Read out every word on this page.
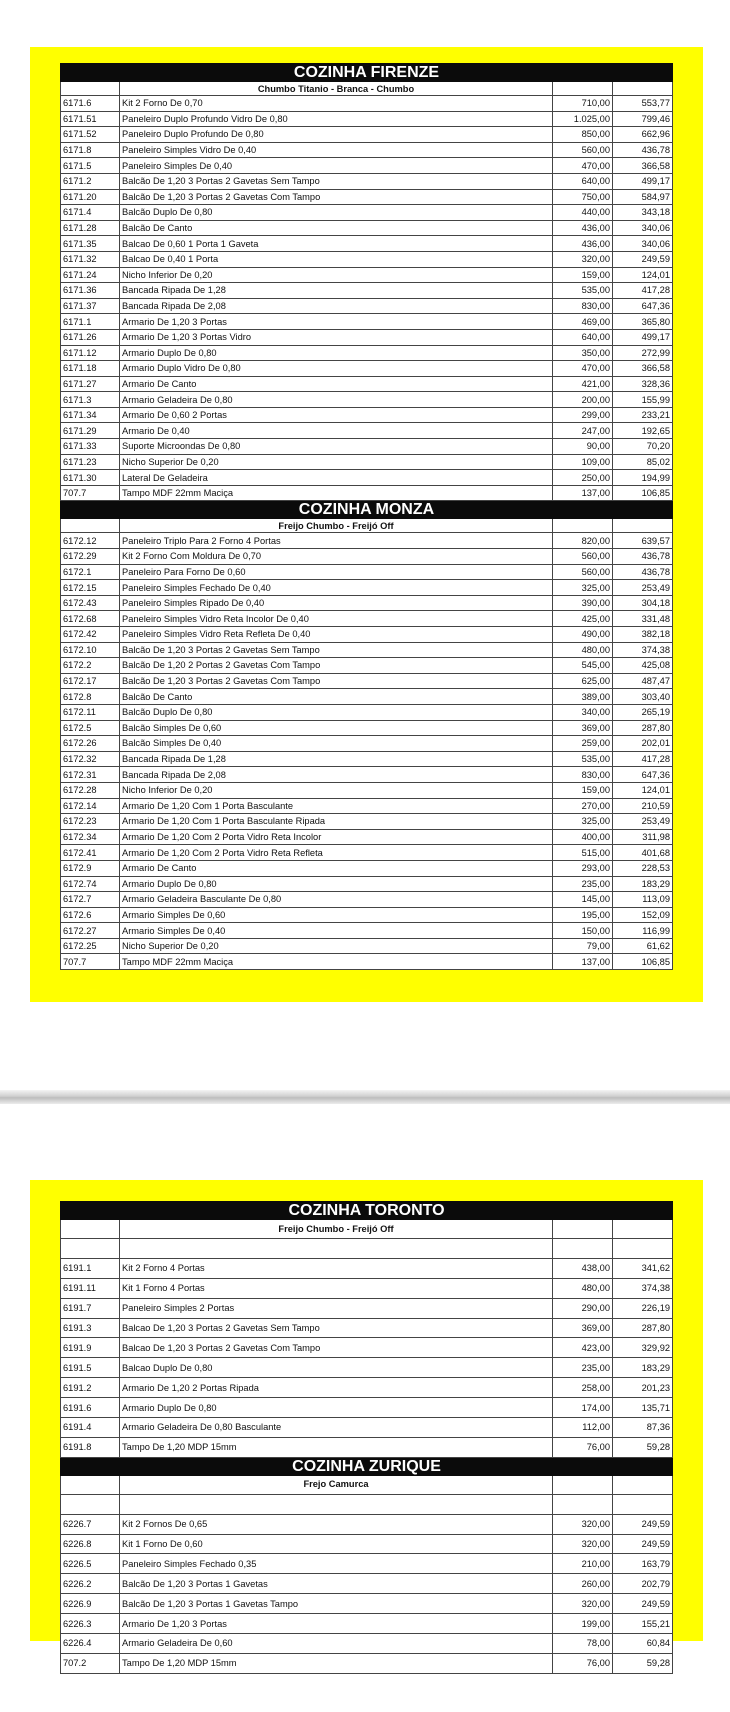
COZINHA FIRENZE			
	Chumbo Titanio - Branca - Chumbo		
6171.6	Kit 2 Forno De 0,70	710,00	553,77
6171.51	Paneleiro Duplo Profundo Vidro De 0,80	1.025,00	799,46
6171.52	Paneleiro Duplo Profundo De 0,80	850,00	662,96
6171.8	Paneleiro Simples Vidro De 0,40	560,00	436,78
6171.5	Paneleiro Simples De 0,40	470,00	366,58
6171.2	Balcão De 1,20 3 Portas 2 Gavetas Sem Tampo	640,00	499,17
6171.20	Balcão De 1,20 3 Portas 2 Gavetas Com Tampo	750,00	584,97
6171.4	Balcão Duplo De 0,80	440,00	343,18
6171.28	Balcão De Canto	436,00	340,06
6171.35	Balcao De 0,60 1 Porta 1 Gaveta	436,00	340,06
6171.32	Balcao De 0,40 1 Porta	320,00	249,59
6171.24	Nicho Inferior De 0,20	159,00	124,01
6171.36	Bancada Ripada De 1,28	535,00	417,28
6171.37	Bancada Ripada De 2,08	830,00	647,36
6171.1	Armario De 1,20 3 Portas	469,00	365,80
6171.26	Armario De 1,20 3 Portas Vidro	640,00	499,17
6171.12	Armario Duplo De 0,80	350,00	272,99
6171.18	Armario Duplo Vidro De 0,80	470,00	366,58
6171.27	Armario De Canto	421,00	328,36
6171.3	Armario Geladeira De 0,80	200,00	155,99
6171.34	Armario De 0,60 2 Portas	299,00	233,21
6171.29	Armario De 0,40	247,00	192,65
6171.33	Suporte Microondas De 0,80	90,00	70,20
6171.23	Nicho Superior De 0,20	109,00	85,02
6171.30	Lateral De Geladeira	250,00	194,99
707.7	Tampo MDF 22mm Maciça	137,00	106,85
COZINHA MONZA			
	Freijo Chumbo - Freijó Off		
6172.12	Paneleiro Triplo Para 2 Forno 4 Portas	820,00	639,57
6172.29	Kit 2 Forno Com Moldura De 0,70	560,00	436,78
6172.1	Paneleiro Para Forno De 0,60	560,00	436,78
6172.15	Paneleiro Simples Fechado De 0,40	325,00	253,49
6172.43	Paneleiro Simples Ripado De 0,40	390,00	304,18
6172.68	Paneleiro Simples Vidro Reta Incolor De 0,40	425,00	331,48
6172.42	Paneleiro Simples Vidro Reta Refleta De 0,40	490,00	382,18
6172.10	Balcão De 1,20 3 Portas 2 Gavetas Sem Tampo	480,00	374,38
6172.2	Balcão De 1,20 2 Portas 2 Gavetas Com Tampo	545,00	425,08
6172.17	Balcão De 1,20 3 Portas 2 Gavetas Com Tampo	625,00	487,47
6172.8	Balcão De Canto	389,00	303,40
6172.11	Balcão Duplo De 0,80	340,00	265,19
6172.5	Balcão Simples De 0,60	369,00	287,80
6172.26	Balcão Simples De 0,40	259,00	202,01
6172.32	Bancada Ripada De 1,28	535,00	417,28
6172.31	Bancada Ripada De 2,08	830,00	647,36
6172.28	Nicho Inferior De 0,20	159,00	124,01
6172.14	Armario De 1,20 Com 1 Porta Basculante	270,00	210,59
6172.23	Armario De 1,20 Com 1 Porta Basculante Ripada	325,00	253,49
6172.34	Armario De 1,20 Com 2 Porta Vidro Reta Incolor	400,00	311,98
6172.41	Armario De 1,20 Com 2 Porta Vidro Reta Refleta	515,00	401,68
6172.9	Armario De Canto	293,00	228,53
6172.74	Armario Duplo De 0,80	235,00	183,29
6172.7	Armario Geladeira Basculante De 0,80	145,00	113,09
6172.6	Armario Simples De 0,60	195,00	152,09
6172.27	Armario Simples De 0,40	150,00	116,99
6172.25	Nicho Superior De 0,20	79,00	61,62
707.7	Tampo MDF 22mm Maciça	137,00	106,85
COZINHA TORONTO			
	Freijo Chumbo - Freijó Off		

6191.1	Kit 2 Forno 4 Portas	438,00	341,62
6191.11	Kit 1 Forno 4 Portas	480,00	374,38
6191.7	Paneleiro Simples 2 Portas	290,00	226,19
6191.3	Balcao De 1,20 3 Portas 2 Gavetas Sem Tampo	369,00	287,80
6191.9	Balcao De 1,20 3 Portas 2 Gavetas Com Tampo	423,00	329,92
6191.5	Balcao Duplo De 0,80	235,00	183,29
6191.2	Armario De 1,20 2 Portas Ripada	258,00	201,23
6191.6	Armario Duplo De 0,80	174,00	135,71
6191.4	Armario Geladeira De 0,80 Basculante	112,00	87,36
6191.8	Tampo De 1,20 MDP 15mm	76,00	59,28
COZINHA ZURIQUE			
	Frejo Camurca		

6226.7	Kit 2 Fornos De 0,65	320,00	249,59
6226.8	Kit 1 Forno De 0,60	320,00	249,59
6226.5	Paneleiro Simples Fechado 0,35	210,00	163,79
6226.2	Balcão De 1,20 3 Portas 1 Gavetas	260,00	202,79
6226.9	Balcão De 1,20 3 Portas 1 Gavetas Tampo	320,00	249,59
6226.3	Armario De 1,20 3 Portas	199,00	155,21
6226.4	Armario Geladeira De 0,60	78,00	60,84
707.2	Tampo De 1,20 MDP 15mm	76,00	59,28
